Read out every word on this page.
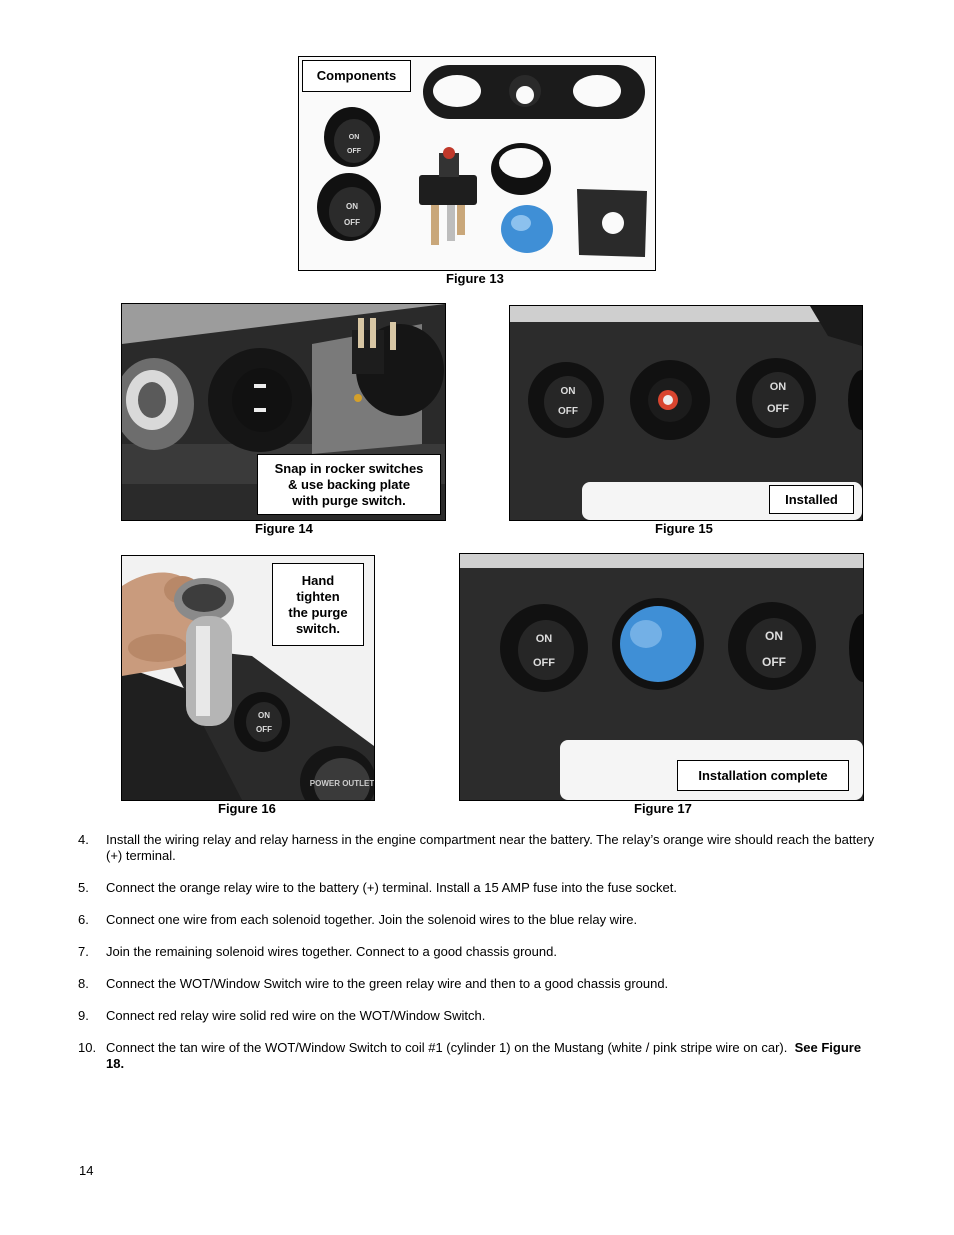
ON
OFF
ON
OFF
Components
Figure 13
Snap in rocker switches
& use backing plate
with purge switch.
Figure 14
ON
OFF
ON
OFF
Installed
Figure 15
ON
OFF
POWER OUTLET
Hand
tighten
the purge
switch.
Figure 16
ON
OFF
ON
OFF
Installation complete
Figure 17
4.	Install the wiring relay and relay harness in the engine compartment near the battery. The relay’s orange wire should reach the battery (+) terminal.
5.	Connect the orange relay wire to the battery (+) terminal. Install a 15 AMP fuse into the fuse socket.
6.	Connect one wire from each solenoid together. Join the solenoid wires to the blue relay wire.
7.	Join the remaining solenoid wires together. Connect to a good chassis ground.
8.	Connect the WOT/Window Switch wire to the green relay wire and then to a good chassis ground.
9.	Connect red relay wire solid red wire on the WOT/Window Switch.
10. Connect the tan wire of the WOT/Window Switch to coil #1 (cylinder 1) on the Mustang (white / pink stripe wire on car). See Figure 18.
14
